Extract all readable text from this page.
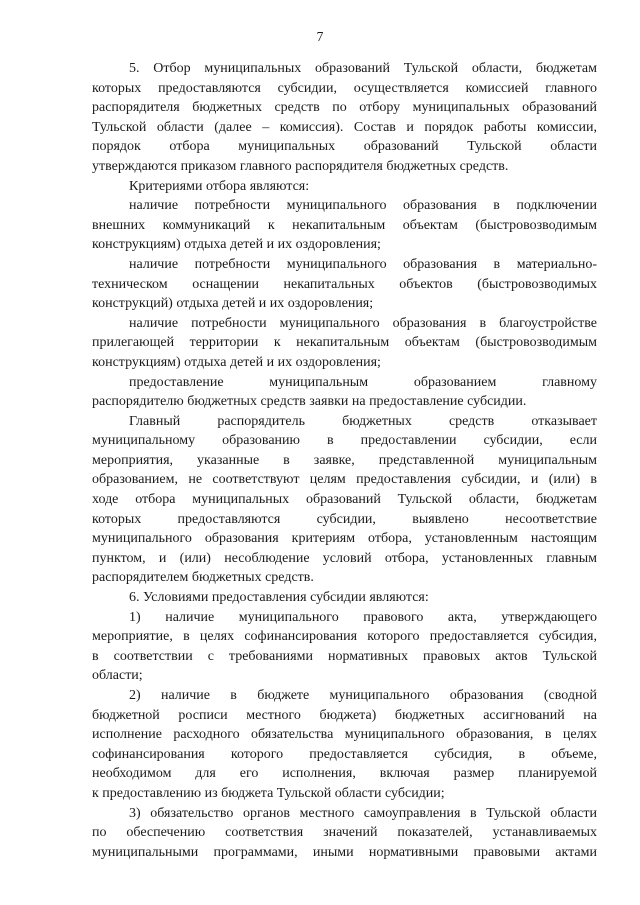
7
5. Отбор муниципальных образований Тульской области, бюджетам
которых предоставляются субсидии, осуществляется комиссией главного
распорядителя бюджетных средств по отбору муниципальных образований
Тульской области (далее – комиссия). Состав и порядок работы комиссии,
порядок отбора муниципальных образований Тульской области
утверждаются приказом главного распорядителя бюджетных средств.
Критериями отбора являются:
наличие потребности муниципального образования в подключении
внешних коммуникаций к некапитальным объектам (быстровозводимым
конструкциям) отдыха детей и их оздоровления;
наличие потребности муниципального образования в материально-
техническом оснащении некапитальных объектов (быстровозводимых
конструкций) отдыха детей и их оздоровления;
наличие потребности муниципального образования в благоустройстве
прилегающей территории к некапитальным объектам (быстровозводимым
конструкциям) отдыха детей и их оздоровления;
предоставление муниципальным образованием главному
распорядителю бюджетных средств заявки на предоставление субсидии.
Главный распорядитель бюджетных средств отказывает
муниципальному образованию в предоставлении субсидии, если
мероприятия, указанные в заявке, представленной муниципальным
образованием, не соответствуют целям предоставления субсидии, и (или) в
ходе отбора муниципальных образований Тульской области, бюджетам
которых предоставляются субсидии, выявлено несоответствие
муниципального образования критериям отбора, установленным настоящим
пунктом, и (или) несоблюдение условий отбора, установленных главным
распорядителем бюджетных средств.
6. Условиями предоставления субсидии являются:
1) наличие муниципального правового акта, утверждающего
мероприятие, в целях софинансирования которого предоставляется субсидия,
в соответствии с требованиями нормативных правовых актов Тульской
области;
2) наличие в бюджете муниципального образования (сводной
бюджетной росписи местного бюджета) бюджетных ассигнований на
исполнение расходного обязательства муниципального образования, в целях
софинансирования которого предоставляется субсидия, в объеме,
необходимом для его исполнения, включая размер планируемой
к предоставлению из бюджета Тульской области субсидии;
3) обязательство органов местного самоуправления в Тульской области
по обеспечению соответствия значений показателей, устанавливаемых
муниципальными программами, иными нормативными правовыми актами
